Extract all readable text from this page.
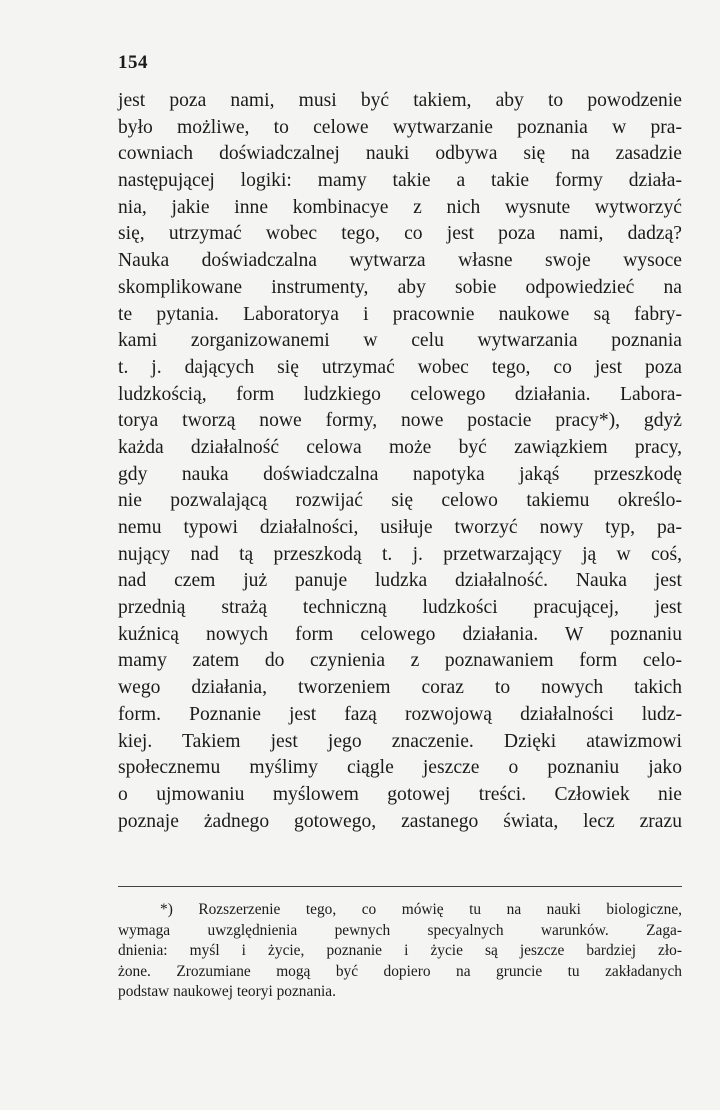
154
jest poza nami, musi być takiem, aby to powodzenie
było możliwe, to celowe wytwarzanie poznania w pra-
cowniach doświadczalnej nauki odbywa się na zasadzie
następującej logiki: mamy takie a takie formy działa-
nia, jakie inne kombinacye z nich wysnute wytworzyć
się, utrzymać wobec tego, co jest poza nami, dadzą?
Nauka doświadczalna wytwarza własne swoje wysoce
skomplikowane instrumenty, aby sobie odpowiedzieć na
te pytania. Laboratorya i pracownie naukowe są fabry-
kami zorganizowanemi w celu wytwarzania poznania
t. j. dających się utrzymać wobec tego, co jest poza
ludzkością, form ludzkiego celowego działania. Labora-
torya tworzą nowe formy, nowe postacie pracy*), gdyż
każda działalność celowa może być zawiązkiem pracy,
gdy nauka doświadczalna napotyka jakąś przeszkodę
nie pozwalającą rozwijać się celowo takiemu określo-
nemu typowi działalności, usiłuje tworzyć nowy typ, pa-
nujący nad tą przeszkodą t. j. przetwarzający ją w coś,
nad czem już panuje ludzka działalność. Nauka jest
przednią strażą techniczną ludzkości pracującej, jest
kuźnicą nowych form celowego działania. W poznaniu
mamy zatem do czynienia z poznawaniem form celo-
wego działania, tworzeniem coraz to nowych takich
form. Poznanie jest fazą rozwojową działalności ludz-
kiej. Takiem jest jego znaczenie. Dzięki atawizmowi
społecznemu myślimy ciągle jeszcze o poznaniu jako
o ujmowaniu myślowem gotowej treści. Człowiek nie
poznaje żadnego gotowego, zastanego świata, lecz zrazu
*) Rozszerzenie tego, co mówię tu na nauki biologiczne,
wymaga uwzględnienia pewnych specyalnych warunków. Zaga-
dnienia: myśl i życie, poznanie i życie są jeszcze bardziej zło-
żone. Zrozumiane mogą być dopiero na gruncie tu zakładanych
podstaw naukowej teoryi poznania.
